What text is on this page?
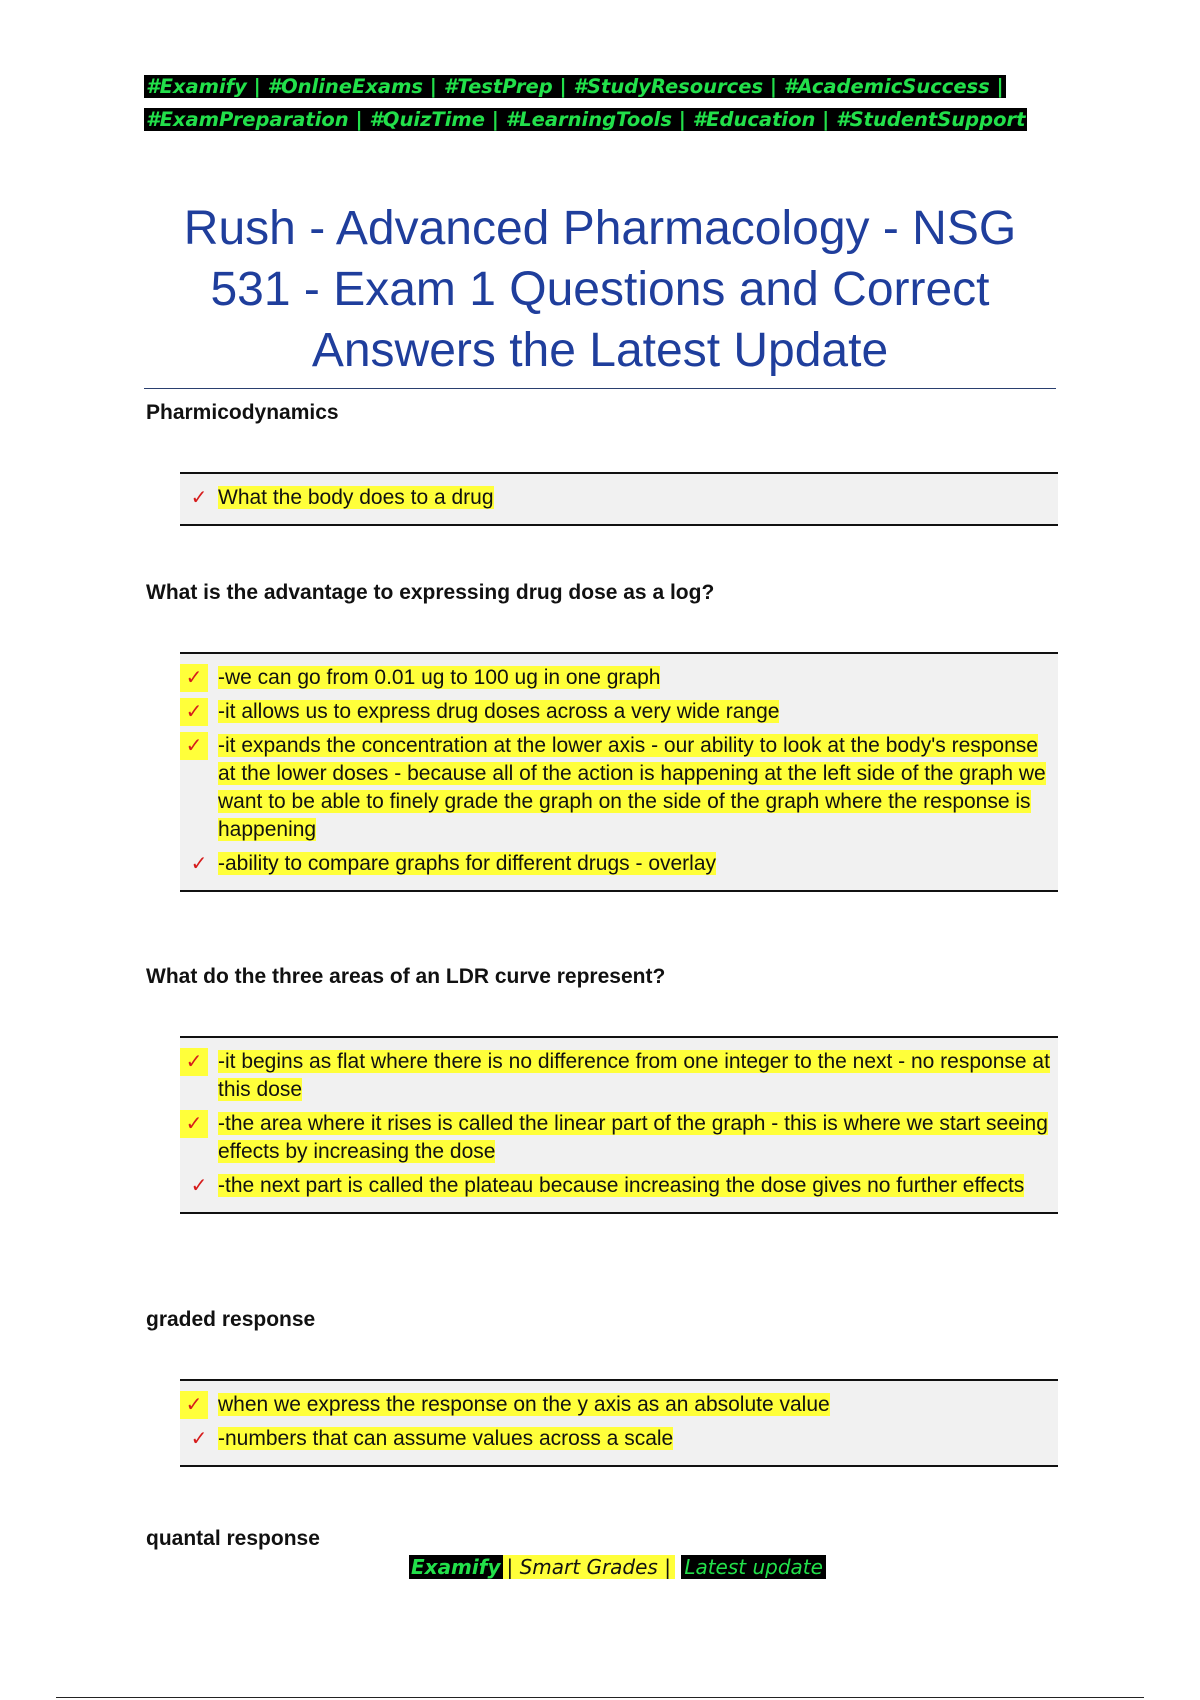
#Examify | #OnlineExams | #TestPrep | #StudyResources | #AcademicSuccess |
#ExamPreparation | #QuizTime | #LearningTools | #Education | #StudentSupport
Rush - Advanced Pharmacology - NSG
531 - Exam 1 Questions and Correct
Answers the Latest Update
Pharmicodynamics
✓ What the body does to a drug
What is the advantage to expressing drug dose as a log?
✓ -we can go from 0.01 ug to 100 ug in one graph
✓ -it allows us to express drug doses across a very wide range
✓ -it expands the concentration at the lower axis - our ability to look at the body's response at the lower doses - because all of the action is happening at the left side of the graph we want to be able to finely grade the graph on the side of the graph where the response is happening
✓ -ability to compare graphs for different drugs - overlay
What do the three areas of an LDR curve represent?
✓ -it begins as flat where there is no difference from one integer to the next - no response at this dose
✓ -the area where it rises is called the linear part of the graph - this is where we start seeing effects by increasing the dose
✓ -the next part is called the plateau because increasing the dose gives no further effects
graded response
✓ when we express the response on the y axis as an absolute value
✓ -numbers that can assume values across a scale
quantal response
Examify | Smart Grades | Latest update
